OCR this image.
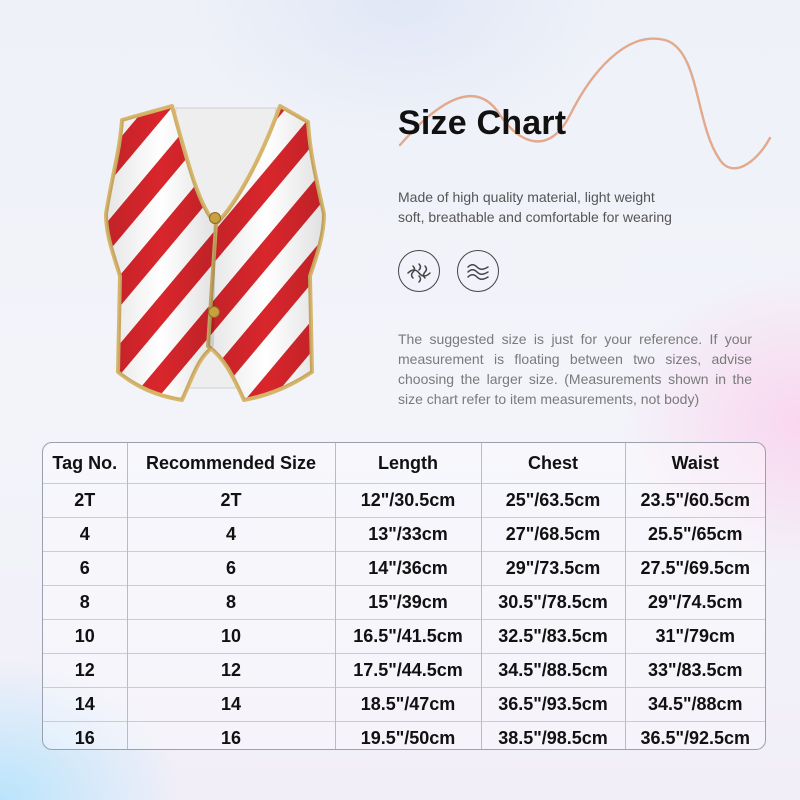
Size Chart
Made of high quality material, light weight
soft, breathable and comfortable for wearing
The suggested size is just for your reference. If your measurement is floating between two sizes, advise choosing the larger size. (Measurements shown in the size chart refer to item measurements, not body)
Tag No.	Recommended Size	Length	Chest	Waist
2T	2T	12"/30.5cm	25"/63.5cm	23.5"/60.5cm
4	4	13"/33cm	27"/68.5cm	25.5"/65cm
6	6	14"/36cm	29"/73.5cm	27.5"/69.5cm
8	8	15"/39cm	30.5"/78.5cm	29"/74.5cm
10	10	16.5"/41.5cm	32.5"/83.5cm	31"/79cm
12	12	17.5"/44.5cm	34.5"/88.5cm	33"/83.5cm
14	14	18.5"/47cm	36.5"/93.5cm	34.5"/88cm
16	16	19.5"/50cm	38.5"/98.5cm	36.5"/92.5cm
